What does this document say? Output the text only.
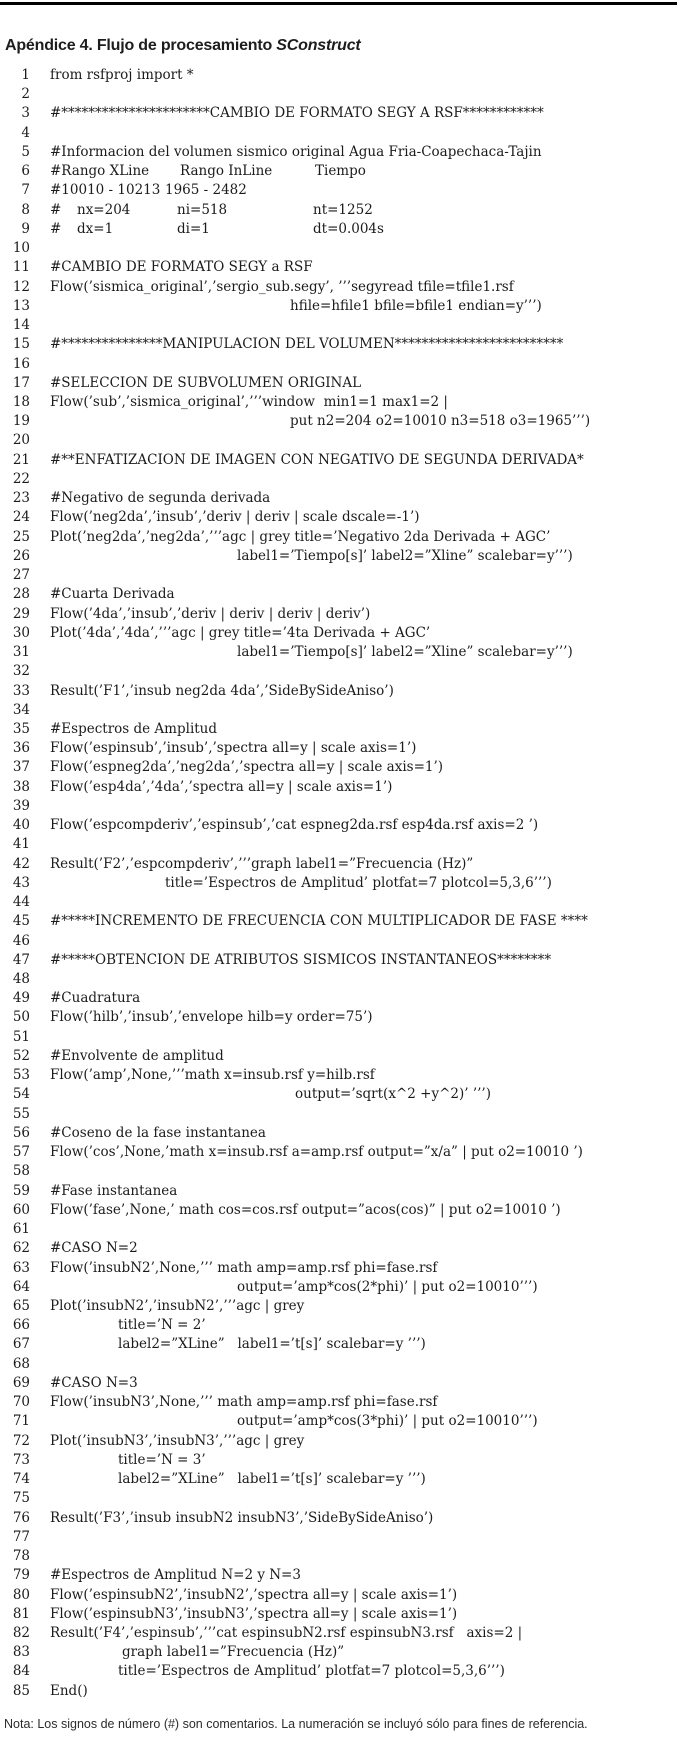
Apéndice 4. Flujo de procesamiento SConstruct
1 from rsfproj import *
2
3 #**********************CAMBIO DE FORMATO SEGY A RSF************
4
5 #Informacion del volumen sismico original Agua Fria-Coapechaca-Tajin
6 #Rango XLine Rango InLine	Tiempo
7 #10010 - 10213 1965 - 2482
8 # nx=204	ni=518	nt=1252
9 # dx=1	di=1	dt=0.004s
10
11 #CAMBIO DE FORMATO SEGY a RSF
12 Flow(’sismica_original’,’sergio_sub.segy’, ’’’segyread tfile=tfile1.rsf
13	hfile=hfile1 bfile=bfile1 endian=y’’’)
14
15 #***************MANIPULACION DEL VOLUMEN*************************
16
17 #SELECCION DE SUBVOLUMEN ORIGINAL
18 Flow(’sub’,’sismica_original’,’’’window  min1=1 max1=2 |
19	put n2=204 o2=10010 n3=518 o3=1965’’’)
20
21 #**ENFATIZACION DE IMAGEN CON NEGATIVO DE SEGUNDA DERIVADA*
22
23 #Negativo de segunda derivada
24 Flow(’neg2da’,’insub’,’deriv | deriv | scale dscale=-1’)
25 Plot(’neg2da’,’neg2da’,’’’agc | grey title=’Negativo 2da Derivada + AGC’
26	label1=’Tiempo[s]’ label2=”Xline” scalebar=y’’’)
27
28 #Cuarta Derivada
29 Flow(’4da’,’insub’,’deriv | deriv | deriv | deriv’)
30 Plot(’4da’,’4da’,’’’agc | grey title=’4ta Derivada + AGC’
31	label1=’Tiempo[s]’ label2=”Xline” scalebar=y’’’)
32
33 Result(’F1’,’insub neg2da 4da’,’SideBySideAniso’)
34
35 #Espectros de Amplitud
36 Flow(’espinsub’,’insub’,’spectra all=y | scale axis=1’)
37 Flow(’espneg2da’,’neg2da’,’spectra all=y | scale axis=1’)
38 Flow(’esp4da’,’4da’,’spectra all=y | scale axis=1’)
39
40 Flow(’espcompderiv’,’espinsub’,’cat espneg2da.rsf esp4da.rsf axis=2 ’)
41
42 Result(’F2’,’espcompderiv’,’’’graph label1=”Frecuencia (Hz)”
43	title=’Espectros de Amplitud’ plotfat=7 plotcol=5,3,6’’’)
44
45 #*****INCREMENTO DE FRECUENCIA CON MULTIPLICADOR DE FASE ****
46
47 #*****OBTENCION DE ATRIBUTOS SISMICOS INSTANTANEOS********
48
49 #Cuadratura
50 Flow(’hilb’,’insub’,’envelope hilb=y order=75’)
51
52 #Envolvente de amplitud
53 Flow(’amp’,None,’’’math x=insub.rsf y=hilb.rsf
54	output=’sqrt(x^2 +y^2)’ ’’’)
55
56 #Coseno de la fase instantanea
57 Flow(’cos’,None,’math x=insub.rsf a=amp.rsf output=”x/a” | put o2=10010 ’)
58
59 #Fase instantanea
60 Flow(’fase’,None,’ math cos=cos.rsf output=”acos(cos)” | put o2=10010 ’)
61
62 #CASO N=2
63 Flow(’insubN2’,None,’’’ math amp=amp.rsf phi=fase.rsf
64	output=’amp*cos(2*phi)’ | put o2=10010’’’)
65 Plot(’insubN2’,’insubN2’,’’’agc | grey
66	title=’N = 2’
67	label2=”XLine”   label1=’t[s]’ scalebar=y ’’’)
68
69 #CASO N=3
70 Flow(’insubN3’,None,’’’ math amp=amp.rsf phi=fase.rsf
71	output=’amp*cos(3*phi)’ | put o2=10010’’’)
72 Plot(’insubN3’,’insubN3’,’’’agc | grey
73	title=’N = 3’
74	label2=”XLine”   label1=’t[s]’ scalebar=y ’’’)
75
76 Result(’F3’,’insub insubN2 insubN3’,’SideBySideAniso’)
77
78
79 #Espectros de Amplitud N=2 y N=3
80 Flow(’espinsubN2’,’insubN2’,’spectra all=y | scale axis=1’)
81 Flow(’espinsubN3’,’insubN3’,’spectra all=y | scale axis=1’)
82 Result(’F4’,’espinsub’,’’’cat espinsubN2.rsf espinsubN3.rsf   axis=2 |
83	graph label1=”Frecuencia (Hz)”
84	title=’Espectros de Amplitud’ plotfat=7 plotcol=5,3,6’’’)
85 End()
Nota: Los signos de número (#) son comentarios. La numeración se incluyó sólo para fines de referencia.
